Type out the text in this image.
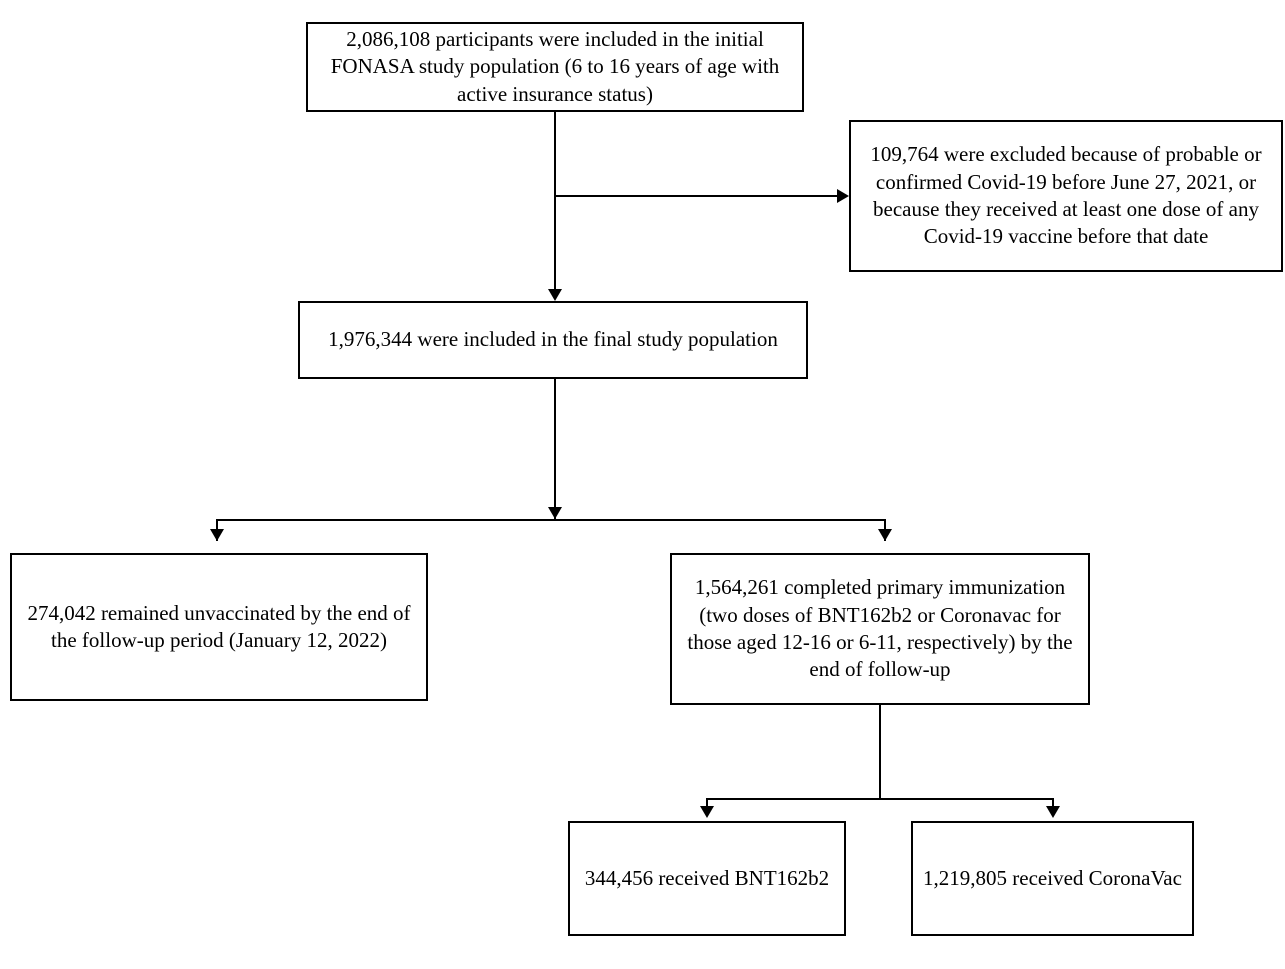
2,086,108 participants were included in the initial FONASA study population (6 to 16 years of age with active insurance status)
109,764 were excluded because of probable or confirmed Covid-19 before June 27, 2021, or because they received at least one dose of any Covid-19 vaccine before that date
1,976,344 were included in the final study population
274,042 remained unvaccinated by the end of the follow-up period (January 12, 2022)
1,564,261 completed primary immunization (two doses of BNT162b2 or Coronavac for those aged 12-16 or 6-11, respectively) by the end of follow-up
344,456 received BNT162b2	1,219,805 received CoronaVac
